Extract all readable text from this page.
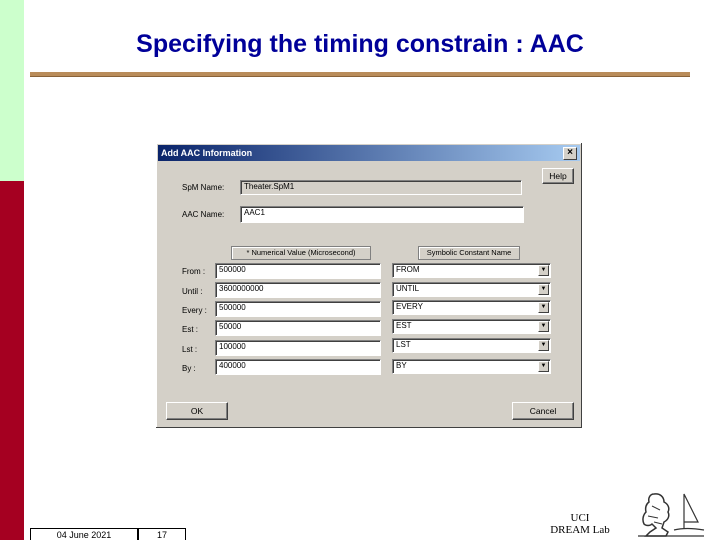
Specifying the timing constrain : AAC
Add AAC Information	×
Help
SpM Name:	Theater.SpM1
AAC Name:	AAC1
* Numerical Value (Microsecond)	Symbolic Constant Name
From :	500000	FROM	▼
Until :	3600000000	UNTIL	▼
Every :	500000	EVERY	▼
Est :	50000	EST	▼
Lst :	100000	LST	▼
By :	400000	BY	▼
OK	Cancel
04 June 2021	17
UCI
DREAM Lab
